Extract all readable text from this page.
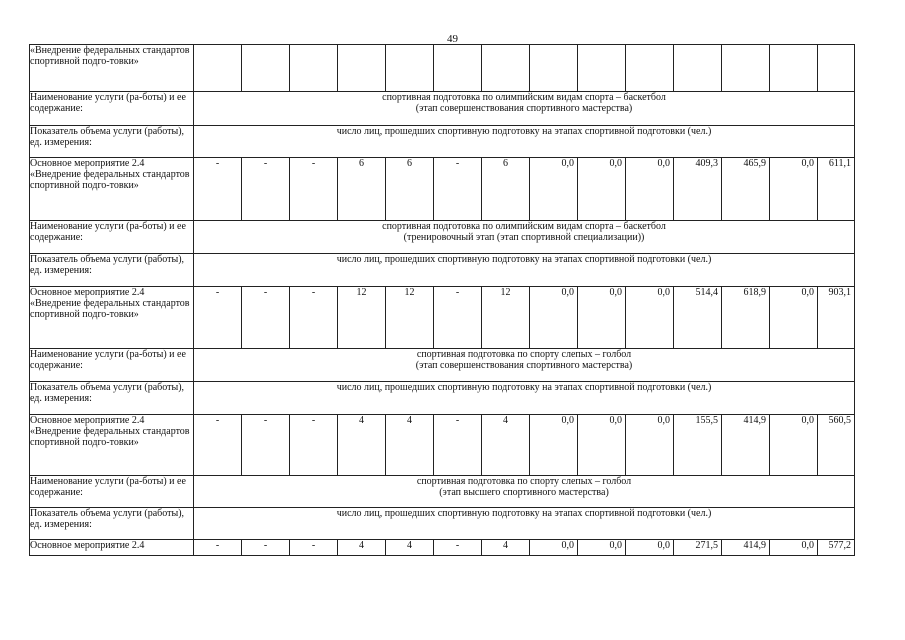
49
«Внедрение федеральных стандартов спортивной подго-товки»														
Наименование услуги (ра-боты) и ее содержание:	спортивная подготовка по олимпийским видам спорта – баскетбол
(этап совершенствования спортивного мастерства)													

Показатель объема услуги (работы), ед. измерения:	число лиц, прошедших спортивную подготовку на этапах спортивной подготовки (чел.)													
Основное мероприятие 2.4 «Внедрение федеральных стандартов спортивной подго-товки»	-	-	-	6	6	-	6	0,0	0,0	0,0	409,3	465,9	0,0	611,1
Наименование услуги (ра-боты) и ее содержание:	спортивная подготовка по олимпийским видам спорта – баскетбол
(тренировочный этап (этап спортивной специализации))													

Показатель объема услуги (работы), ед. измерения:	число лиц, прошедших спортивную подготовку на этапах спортивной подготовки (чел.)													
Основное мероприятие 2.4 «Внедрение федеральных стандартов спортивной подго-товки»	-	-	-	12	12	-	12	0,0	0,0	0,0	514,4	618,9	0,0	903,1
Наименование услуги (ра-боты) и ее содержание:	спортивная подготовка по спорту слепых – голбол
(этап совершенствования спортивного мастерства)													

Показатель объема услуги (работы), ед. измерения:	число лиц, прошедших спортивную подготовку на этапах спортивной подготовки (чел.)													
Основное мероприятие 2.4 «Внедрение федеральных стандартов спортивной подго-товки»	-	-	-	4	4	-	4	0,0	0,0	0,0	155,5	414,9	0,0	560,5
Наименование услуги (ра-боты) и ее содержание:	спортивная подготовка по спорту слепых – голбол
(этап высшего спортивного мастерства)													

Показатель объема услуги (работы), ед. измерения:	число лиц, прошедших спортивную подготовку на этапах спортивной подготовки (чел.)													
Основное мероприятие 2.4	-	-	-	4	4	-	4	0,0	0,0	0,0	271,5	414,9	0,0	577,2
